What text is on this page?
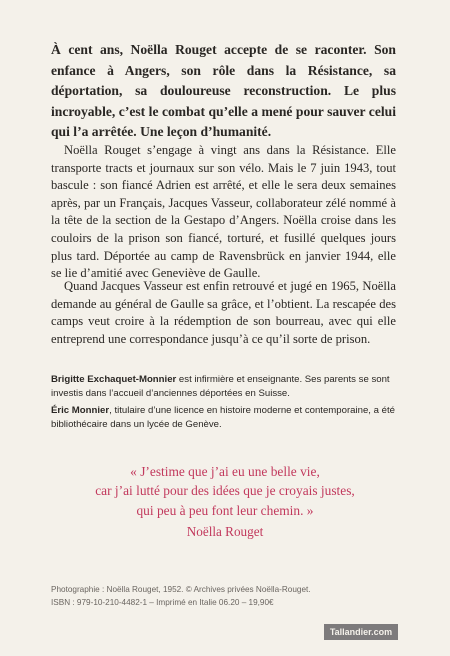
À cent ans, Noëlla Rouget accepte de se raconter. Son enfance à Angers, son rôle dans la Résistance, sa déportation, sa douloureuse reconstruction. Le plus incroyable, c’est le combat qu’elle a mené pour sauver celui qui l’a arrêtée. Une leçon d’humanité.

Noëlla Rouget s’engage à vingt ans dans la Résistance. Elle transporte tracts et journaux sur son vélo. Mais le 7 juin 1943, tout bascule : son fiancé Adrien est arrêté, et elle le sera deux semaines après, par un Français, Jacques Vasseur, collaborateur zélé nommé à la tête de la section de la Gestapo d’Angers. Noëlla croise dans les couloirs de la prison son fiancé, torturé, et fusillé quelques jours plus tard. Déportée au camp de Ravensbrück en janvier 1944, elle se lie d’amitié avec Geneviève de Gaulle.

Quand Jacques Vasseur est enfin retrouvé et jugé en 1965, Noëlla demande au général de Gaulle sa grâce, et l’obtient. La rescapée des camps veut croire à la rédemption de son bourreau, avec qui elle entreprend une correspondance jusqu’à ce qu’il sorte de prison.

Brigitte Exchaquet-Monnier est infirmière et enseignante. Ses parents se sont investis dans l’accueil d’anciennes déportées en Suisse.

Éric Monnier, titulaire d’une licence en histoire moderne et contemporaine, a été bibliothécaire dans un lycée de Genève.

« J’estime que j’ai eu une belle vie,
car j’ai lutté pour des idées que je croyais justes,
qui peu à peu font leur chemin. »

Noëlla Rouget
Photographie : Noëlla Rouget, 1952. © Archives privées Noëlla-Rouget.
ISBN : 979-10-210-4482-1 – Imprimé en Italie 06.20 – 19,90€
Tallandier.com
